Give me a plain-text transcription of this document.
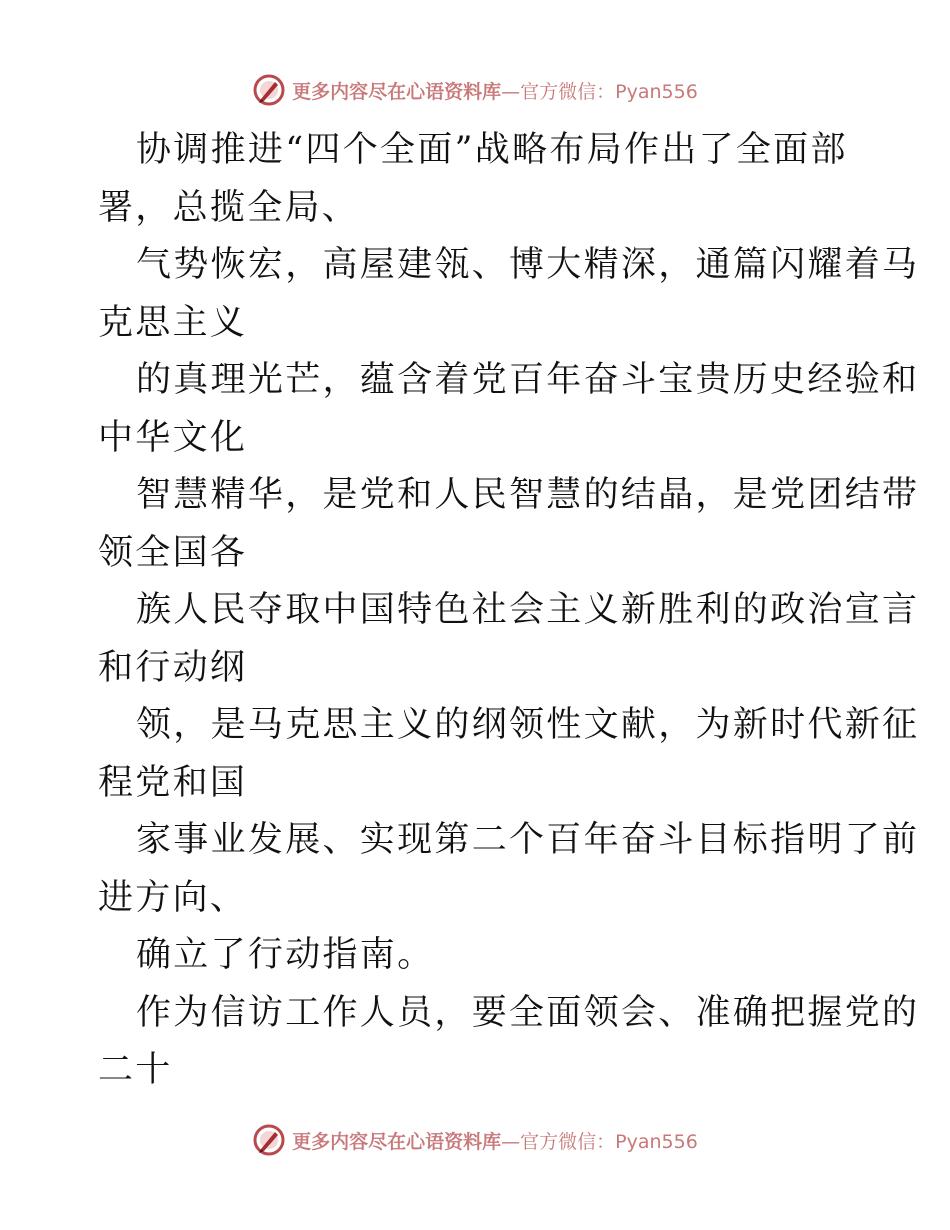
更多内容尽在心语资料库—官方微信：Pyan556
协调推进“四个全面”战略布局作出了全面部
署，总揽全局、
气势恢宏，高屋建瓴、博大精深，通篇闪耀着马
克思主义
的真理光芒，蕴含着党百年奋斗宝贵历史经验和
中华文化
智慧精华，是党和人民智慧的结晶，是党团结带
领全国各
族人民夺取中国特色社会主义新胜利的政治宣言
和行动纲
领，是马克思主义的纲领性文献，为新时代新征
程党和国
家事业发展、实现第二个百年奋斗目标指明了前
进方向、
确立了行动指南。
作为信访工作人员，要全面领会、准确把握党的
二十
更多内容尽在心语资料库—官方微信：Pyan556
